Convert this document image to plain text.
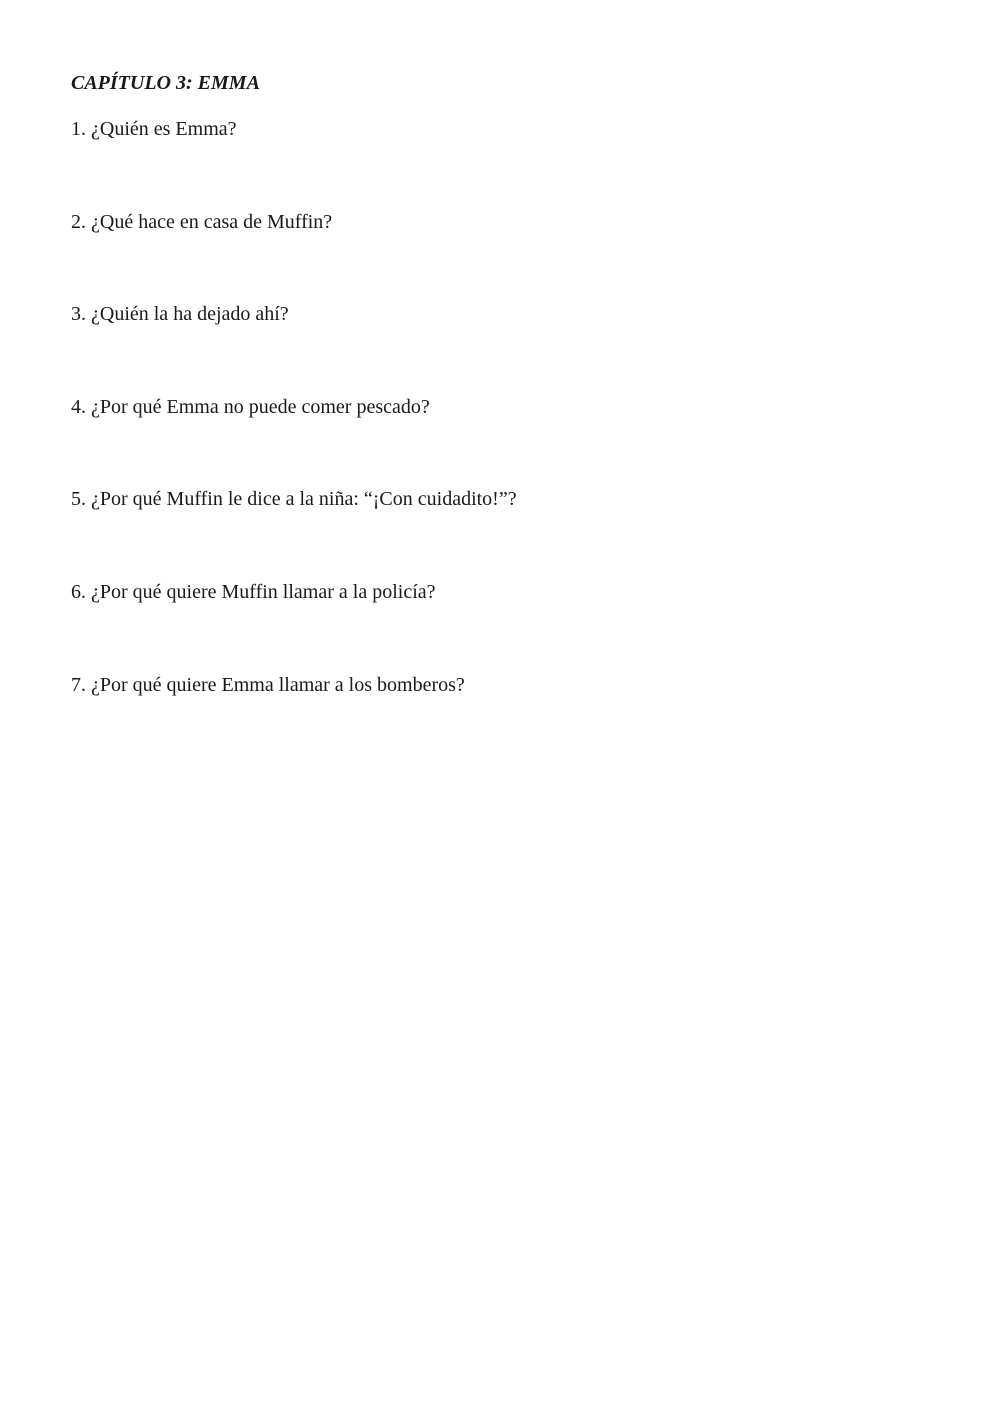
CAPÍTULO 3: EMMA
1. ¿Quién es Emma?
2. ¿Qué hace en casa de Muffin?
3. ¿Quién la ha dejado ahí?
4. ¿Por qué Emma no puede comer pescado?
5. ¿Por qué Muffin le dice a la niña: “¡Con cuidadito!”?
6. ¿Por qué quiere Muffin llamar a la policía?
7. ¿Por qué quiere Emma llamar a los bomberos?
